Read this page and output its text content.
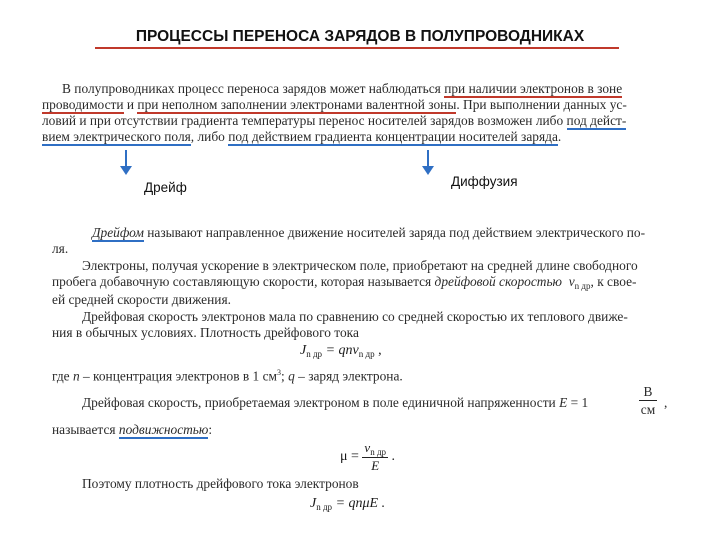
ПРОЦЕССЫ ПЕРЕНОСА ЗАРЯДОВ В ПОЛУПРОВОДНИКАХ
В полупроводниках процесс переноса зарядов может наблюдаться при наличии электронов в зоне
проводимости и при неполном заполнении электронами валентной зоны. При выполнении данных ус-
ловий и при отсутствии градиента температуры перенос носителей зарядов возможен либо под дейст-
вием электрического поля, либо под действием градиента концентрации носителей заряда.
Дрейф	Диффузия
Дрейфом называют направленное движение носителей заряда под действием электрического по-
ля.
Электроны, получая ускорение в электрическом поле, приобретают на средней длине свободного
пробега добавочную составляющую скорости, которая называется дрейфовой скоростью $\nu_{n др}$, к свое-
ей средней скорости движения.
Дрейфовая скорость электронов мала по сравнению со средней скоростью их теплового движе-
ния в обычных условиях. Плотность дрейфового тока
$J_{n др} = qn\nu_{n др}$ ,
где n – концентрация электронов в 1 $см^3$; q – заряд электрона.
Дрейфовая скорость, приобретаемая электроном в поле единичной напряженности E = 1	$\frac{В}{см}$ ,
называется подвижностью:
$\mu = \frac{\nu_{n др}}{E}$ .
Поэтому плотность дрейфового тока электронов
$J_{n др} = qn\mu E$ .
